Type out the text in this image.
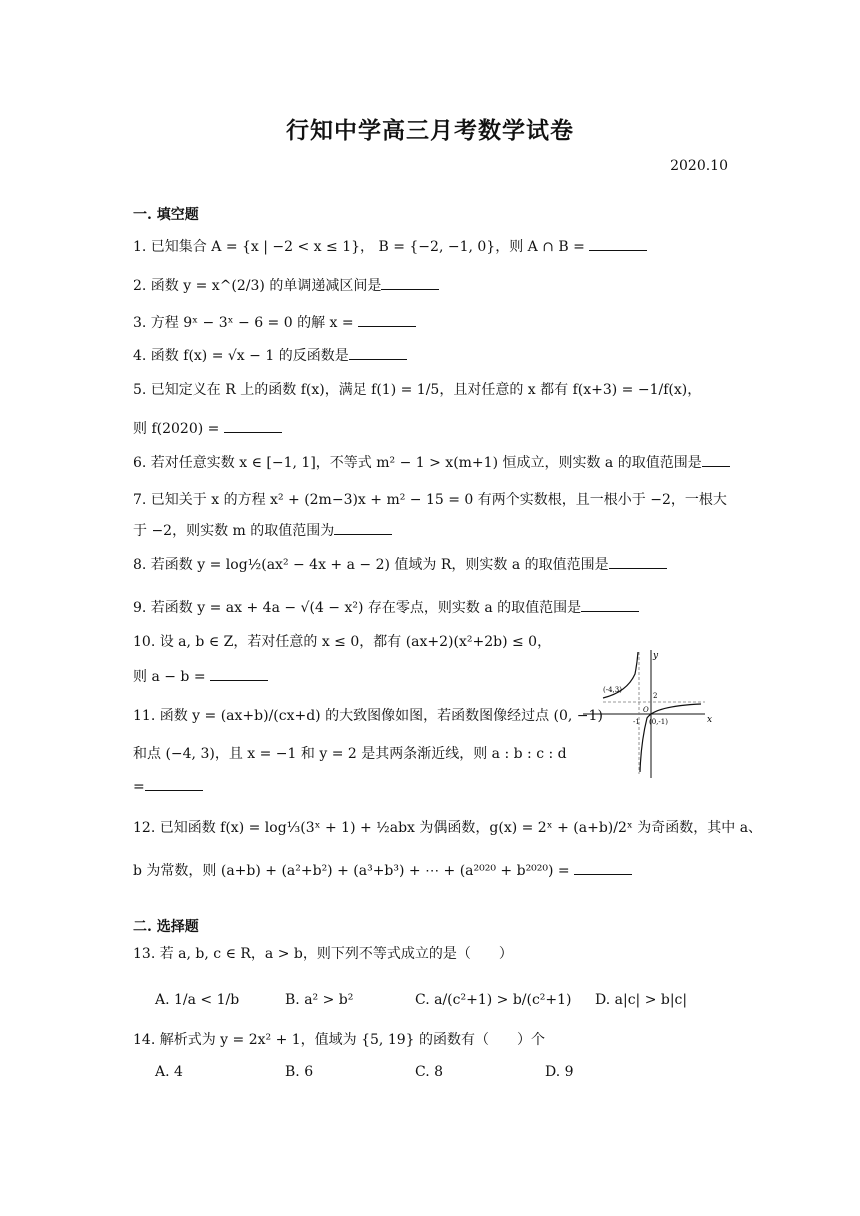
行知中学高三月考数学试卷
2020.10
一. 填空题
1. 已知集合 A = {x | −2 < x ≤ 1}， B = {−2, −1, 0}，则 A ∩ B =
2. 函数 y = x^(2/3) 的单调递减区间是
3. 方程 9ˣ − 3ˣ − 6 = 0 的解 x =
4. 函数 f(x) = √x − 1 的反函数是
5. 已知定义在 R 上的函数 f(x)，满足 f(1) = 1/5，且对任意的 x 都有 f(x+3) = −1/f(x)，
则 f(2020) =
6. 若对任意实数 x ∈ [−1, 1]，不等式 m² − 1 > x(m+1) 恒成立，则实数 a 的取值范围是
7. 已知关于 x 的方程 x² + (2m−3)x + m² − 15 = 0 有两个实数根，且一根小于 −2，一根大
于 −2，则实数 m 的取值范围为
8. 若函数 y = log½(ax² − 4x + a − 2) 值域为 R，则实数 a 的取值范围是
9. 若函数 y = ax + 4a − √(4 − x²) 存在零点，则实数 a 的取值范围是
10. 设 a, b ∈ Z，若对任意的 x ≤ 0，都有 (ax+2)(x²+2b) ≤ 0，
则 a − b =
11. 函数 y = (ax+b)/(cx+d) 的大致图像如图，若函数图像经过点 (0, −1)
和点 (−4, 3)，且 x = −1 和 y = 2 是其两条渐近线，则 a : b : c : d
=
12. 已知函数 f(x) = log⅓(3ˣ + 1) + ½abx 为偶函数，g(x) = 2ˣ + (a+b)/2ˣ 为奇函数，其中 a、
b 为常数，则 (a+b) + (a²+b²) + (a³+b³) + ⋯ + (a²⁰²⁰ + b²⁰²⁰) =
y
x
(-4,3)
(0,-1)
2
-1
O
二. 选择题
13. 若 a, b, c ∈ R，a > b，则下列不等式成立的是（　　）
A. 1/a < 1/b	B. a² > b²	C. a/(c²+1) > b/(c²+1) D. a|c| > b|c|
14. 解析式为 y = 2x² + 1，值域为 {5, 19} 的函数有（　　）个
A. 4	B. 6	C. 8	D. 9
